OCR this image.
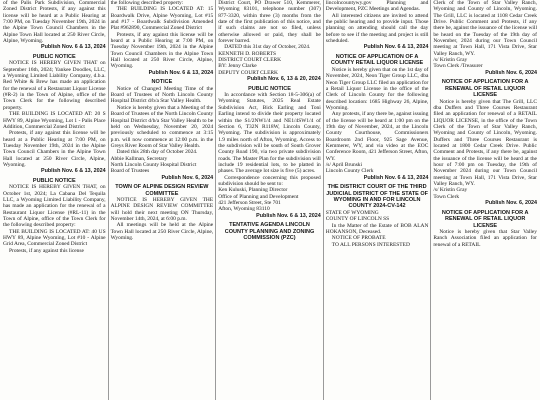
of the Palis Park Subdivision, Commercial Zoned District Protests, if any against this license will be heard at a Public Hearing at 7:00 PM, on Tuesday November 19th, 2024 in the Alpine Town Council Chambers in the Alpine Town Hall located at 250 River Circle, Alpine, Wyoming.
Publish Nov. 6 & 13, 2024
PUBLIC NOTICE
NOTICE IS HEREBY GIVEN THAT on September 16th, 2024; Yankee Doodles, LLC, a Wyoming Limited Liability Company, d.b.a. Red White & Brew has made an application for the renewal of a Restaurant Liquor License (#R-2) in the Town of Alpine, office of the Town Clerk for the following described property.
THE BUILDING IS LOCATED AT: 20 S HWY 89, Alpine Wyoming, Lot 1 - Palis Place Addition, Commercial Zoned District
Protests, if any against this license will be heard at a Public Hearing at 7:00 PM, on Tuesday November 19th, 2024 in the Alpine Town Council Chambers in the Alpine Town Hall located at 250 River Circle, Alpine, Wyoming.
Publish Nov. 6 & 13, 2024
PUBLIC NOTICE
NOTICE IS HEREBY GIVEN THAT, on October 1st, 2024; La Cabana Del Tequila LLC, a Wyoming Limited Liability Company, has made an application for the renewal of a Restaurant Liquor License (#RL-11) in the Town of Alpine, office of the Town Clerk for the following described property:
THE BUILDING IS LOCATED AT: 40 US HWY 89, Alpine Wyoming, Lot #10 - Alpine Grid Area, Commercial Zoned District
Protests, if any against this license
the following described property:
THE BUILDING IS LOCATED AT: 15 Boardwalk Drive, Alpine Wyoming, Lot #15 and #17 - Boardwalk Subdivision Amended Plat #962890, Commercial Zoned District
Protests, if any against this license will be heard at a Public Hearing at 7:00 PM, on Tuesday November 19th, 2024 in the Alpine Town Council Chambers in the Alpine Town Hall located at 250 River Circle, Alpine, Wyoming.
Publish Nov. 6 & 13, 2024
NOTICE
Notice of Changed Meeting Time of the Board of Trustees of North Lincoln County Hospital District d/b/a Star Valley Health.
Notice is hereby given that a Meeting of the Board of Trustees of the North Lincoln County Hospital District d/b/a Star Valley Health to be held on Wednesday, November 20, 2024 previously scheduled to commence at 3:15 p.m. will now commence at 12:00 p.m. in the Greys River Room of Star Valley Health.
Dated this 28th day of October 2024.
Abbie Kallman, Secretary
North Lincoln County Hospital District
Board of Trustees
Publish Nov. 6, 2024
TOWN OF ALPINE DESIGN REVIEW COMMITTEE
NOTICE IS HEREBY GIVEN THE ALPINE DESIGN REVIEW COMMITTEE will hold their next meeting ON Thursday, November 14th, 2024, at 6:00 p.m.
All meetings will be held at the Alpine Town Hall located at 250 River Circle, Alpine, Wyoming.
District Court, PO Drawer 510, Kemmerer, Wyoming 83101, telephone number (307) 877-3320, within three (3) months from the date of the first publication of this notice, and if such claims are not so filed, unless otherwise allowed or paid, they shall be forever barred.
DATED this 31st day of October, 2024.
KENNETH D. ROBERTS
DISTRICT COURT CLERK
BY: Jenny Clarke
DEPUTY COURT CLERK
Publish Nov. 6, 13 & 20, 2024
PUBLIC NOTICE
In accordance with Section 18-5-306(a) of Wyoming Statutes, 2025 Real Estate Subdivision Act, Bick Earling and Toni Earling intend to divide their property located within the S1/2NW1/4 and NE1/4SW1/4 of Section 6, T32N R118W, Lincoln County, Wyoming. The subdivision is approximately 1.9 miles north of Afton, Wyoming. Access to the subdivision will be south of South Grover County Road 190, via two private subdivision roads. The Master Plan for the subdivision will include 19 residential lots, to be platted in phases. The average lot size is five (5) acres.
Correspondence concerning this proposed subdivision should be sent to:
Ken Kuluski, Planning Director
Office of Planning and Development
421 Jefferson Street, Ste 701
Afton, Wyoming 83110
Publish Nov. 6 & 13, 2024
TENTATIVE AGENDA LINCOLN COUNTY PLANNING AND ZONING COMMISSION (PZC)
lincolncountywy.gov Planning and Development, PZC Meetings and Agendas.
All interested citizens are invited to attend the public hearing and to provide input. Those planning on attending should call the day before to see if the meeting and project is still scheduled.
Publish Nov. 6 & 13, 2024
NOTICE OF APPLICATION OF A COUNTY RETAIL LIQUOR LICENSE
Notice is hereby given that on the 1st day of November, 2024, Neon Tiger Group LLC, dba Neon Tiger Group LLC filed an application for a Retail Liquor License in the office of the Clerk of Lincoln County for the following described location: 1685 Highway 26, Alpine, Wyoming.
Any protests, if any there be, against issuing of the license will be heard at 1:00 pm on the 19th day of November, 2024, at the Lincoln County Courthouse, Commissioners Boardroom 2nd Floor, 925 Sage Avenue, Kemmerer, WY, and via video at the EOC Conference Room, 421 Jefferson Street, Afton, WY.
/s/ April Brunski
Lincoln County Clerk
Publish Nov. 6 & 13, 2024
THE DISTRICT COURT OF THE THIRD JUDICIAL DISTRICT OF THE STATE OF WYOMING IN AND FOR LINCOLN COUNTY 2024-CV-142
STATE OF WYOMING
COUNTY OF LINCOLN SS
In the Matter of the Estate of BOB ALAN HOKANSON, Deceased.
NOTICE OF PROBATE
TO ALL PERSONS INTERESTED
Clerk of the Town of Star Valley Ranch, Wyoming and County of Lincoln, Wyoming. The Grill, LLC is located at 1108 Cedar Creek Drive. Public Comment and Protests, if any there be, against the issuance of the license will be heard on the Tuesday of the 19th day of November, 2024 during our Town Council meeting at Town Hall, 171 Vista Drive, Star Valley Ranch, WY.
/s/ Kristin Gray
Town Clerk /Treasurer
Publish Nov. 6, 2024
NOTICE OF APPLICATION FOR A RENEWAL OF RETAIL LIQUOR LICENSE
Notice is hereby given that The Grill, LLC dba Duffers and Three Courses Restaurant filed an application for renewal of a RETAIL LIQUOR LICENSE, in the office of the Town Clerk of the Town of Star Valley Ranch, Wyoming and County of Lincoln, Wyoming. Duffers and Three Courses Restaurant is located at 1800 Cedar Creek Drive. Public Comment and Protests, if any there be, against the issuance of the license will be heard at the hour of 7:00 pm on Tuesday, the 19th of November 2024 during our Town Council meeting at Town Hall, 171 Vista Drive, Star Valley Ranch, WY.
/s/ Kristin Gray
Town Clerk
Publish Nov. 6, 2024
NOTICE OF APPLICATION FOR A RENEWAL OF RETAIL LIQUOR LICENSE
Notice is hereby given that Star Valley Ranch Association filed an application for renewal of a RETAIL
